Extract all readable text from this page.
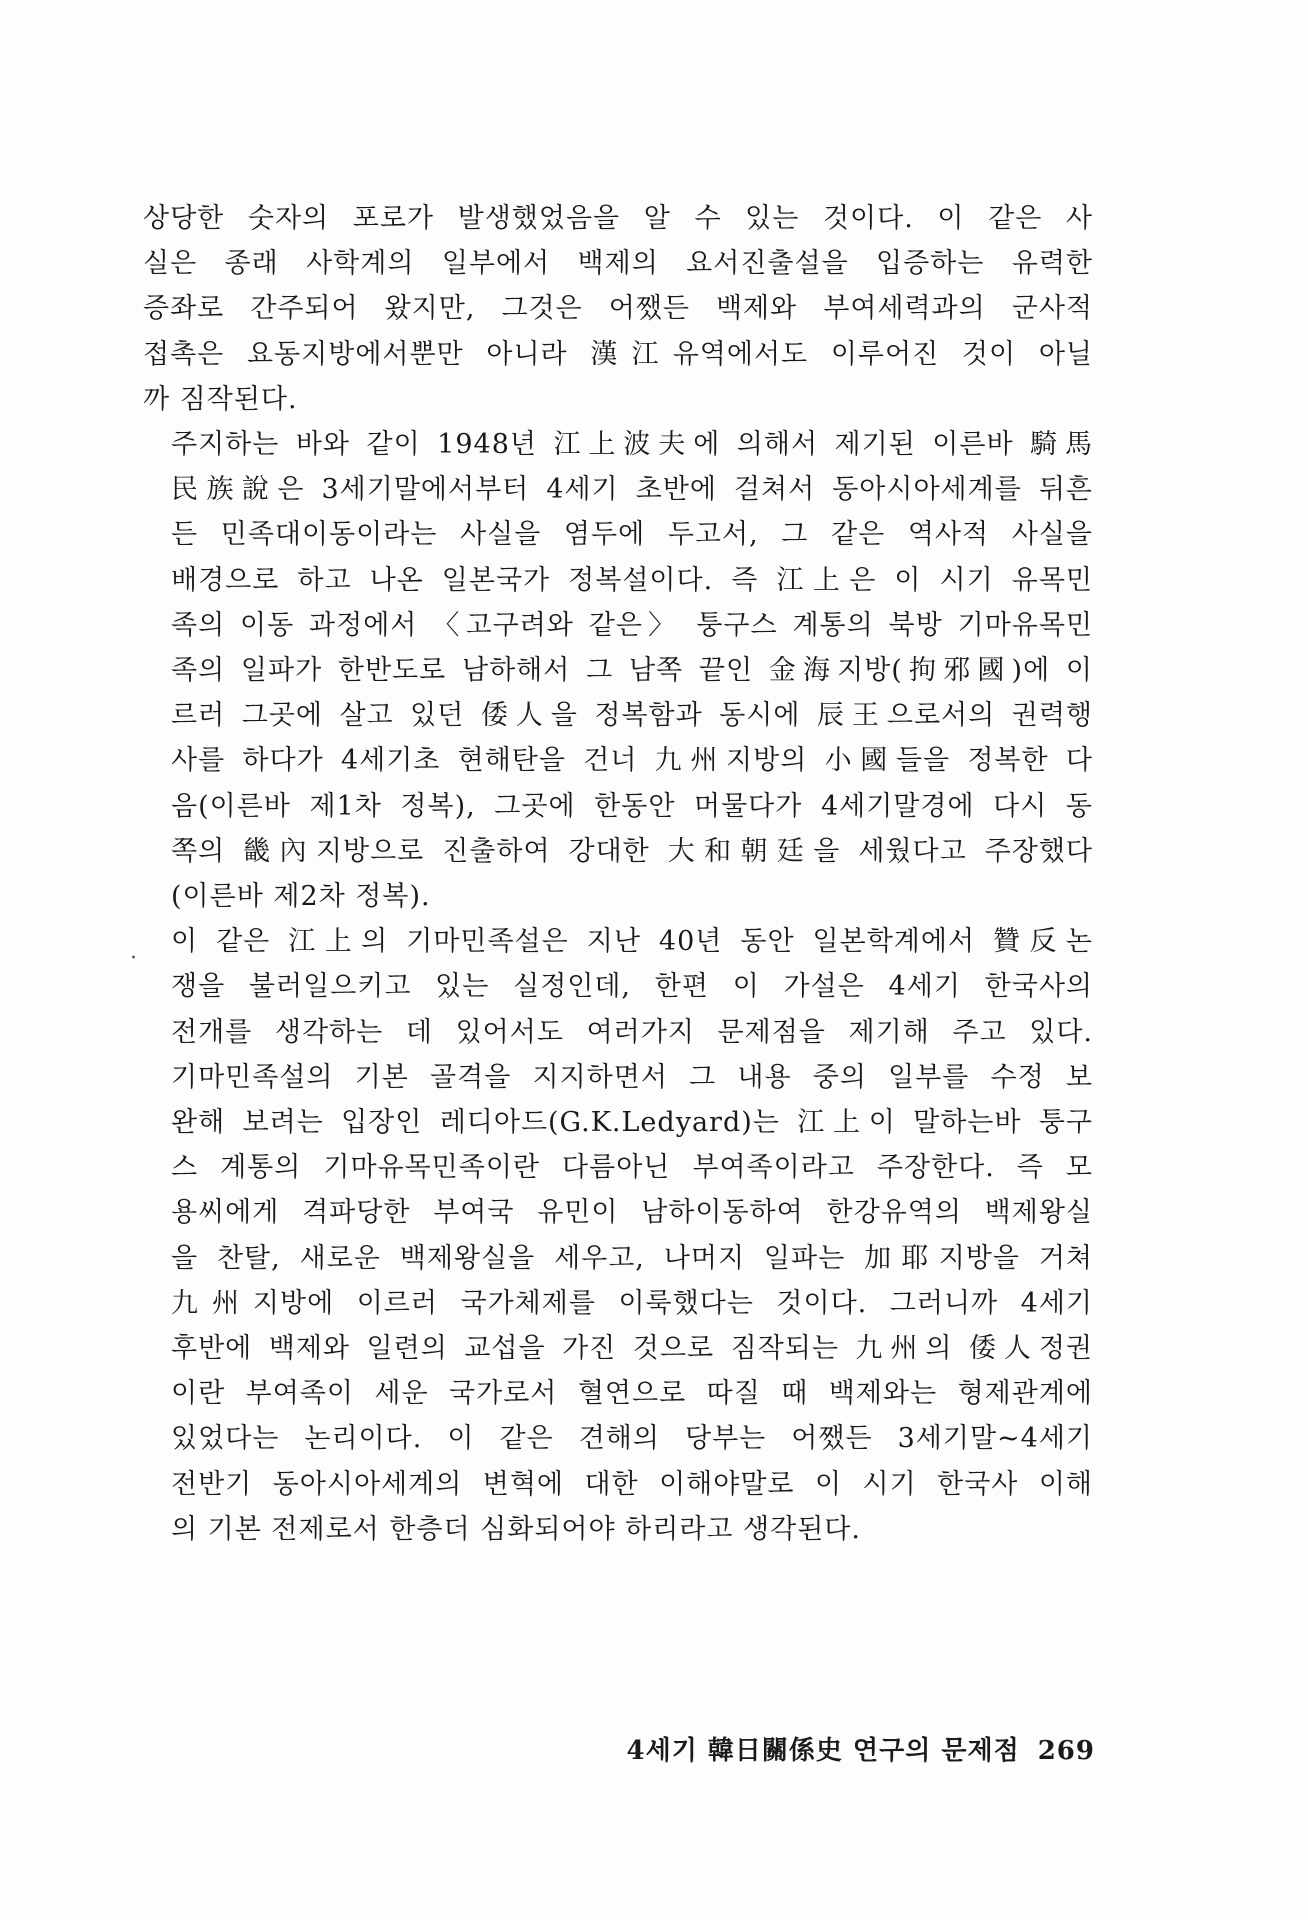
상당한 숫자의 포로가 발생했었음을 알 수 있는 것이다. 이 같은 사
실은 종래 사학계의 일부에서 백제의 요서진출설을 입증하는 유력한
증좌로 간주되어 왔지만, 그것은 어쨌든 백제와 부여세력과의 군사적
접촉은 요동지방에서뿐만 아니라 漢江유역에서도 이루어진 것이 아닐
까 짐작된다.

주지하는 바와 같이 1948년 江上波夫에 의해서 제기된 이른바 騎馬
民族說은 3세기말에서부터 4세기 초반에 걸쳐서 동아시아세계를 뒤흔
든 민족대이동이라는 사실을 염두에 두고서, 그 같은 역사적 사실을
배경으로 하고 나온 일본국가 정복설이다. 즉 江上은 이 시기 유목민
족의 이동 과정에서 〈고구려와 같은〉 퉁구스 계통의 북방 기마유목민
족의 일파가 한반도로 남하해서 그 남쪽 끝인 金海지방(拘邪國)에 이
르러 그곳에 살고 있던 倭人을 정복함과 동시에 辰王으로서의 권력행
사를 하다가 4세기초 현해탄을 건너 九州지방의 小國들을 정복한 다
음(이른바 제1차 정복), 그곳에 한동안 머물다가 4세기말경에 다시 동
쪽의 畿內지방으로 진출하여 강대한 大和朝廷을 세웠다고 주장했다
(이른바 제2차 정복).

이 같은 江上의 기마민족설은 지난 40년 동안 일본학계에서 贊反논
쟁을 불러일으키고 있는 실정인데, 한편 이 가설은 4세기 한국사의
전개를 생각하는 데 있어서도 여러가지 문제점을 제기해 주고 있다.
기마민족설의 기본 골격을 지지하면서 그 내용 중의 일부를 수정 보
완해 보려는 입장인 레디아드(G.K.Ledyard)는 江上이 말하는바 퉁구
스 계통의 기마유목민족이란 다름아닌 부여족이라고 주장한다. 즉 모
용씨에게 격파당한 부여국 유민이 남하이동하여 한강유역의 백제왕실
을 찬탈, 새로운 백제왕실을 세우고, 나머지 일파는 加耶지방을 거쳐
九州지방에 이르러 국가체제를 이룩했다는 것이다. 그러니까 4세기
후반에 백제와 일련의 교섭을 가진 것으로 짐작되는 九州의 倭人정권
이란 부여족이 세운 국가로서 혈연으로 따질 때 백제와는 형제관계에
있었다는 논리이다. 이 같은 견해의 당부는 어쨌든 3세기말~4세기
전반기 동아시아세계의 변혁에 대한 이해야말로 이 시기 한국사 이해
의 기본 전제로서 한층더 심화되어야 하리라고 생각된다.

·
4세기 韓日關係史 연구의 문제점 269
